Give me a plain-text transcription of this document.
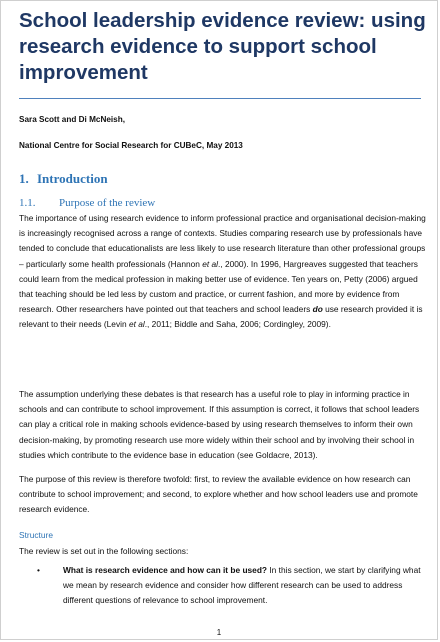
School leadership evidence review: using research evidence to support school improvement
Sara Scott and Di McNeish,
National Centre for Social Research for CUBeC, May 2013
1. Introduction
1.1. Purpose of the review

The importance of using research evidence to inform professional practice and organisational decision-making is increasingly recognised across a range of contexts. Studies comparing research use by professionals have tended to conclude that educationalists are less likely to use research literature than other professional groups – particularly some health professionals (Hannon et al., 2000). In 1996, Hargreaves suggested that teachers could learn from the medical profession in making better use of evidence. Ten years on, Petty (2006) argued that teaching should be led less by custom and practice, or current fashion, and more by evidence from research. Other researchers have pointed out that teachers and school leaders do use research provided it is relevant to their needs (Levin et al., 2011; Biddle and Saha, 2006; Cordingley, 2009).

The assumption underlying these debates is that research has a useful role to play in informing practice in schools and can contribute to school improvement. If this assumption is correct, it follows that school leaders can play a critical role in making schools evidence-based by using research themselves to inform their own decision-making, by promoting research use more widely within their school and by involving their school in studies which contribute to the evidence base in education (see Goldacre, 2013).

The purpose of this review is therefore twofold: first, to review the available evidence on how research can contribute to school improvement; and second, to explore whether and how school leaders use and promote research evidence.

Structure

The review is set out in the following sections:

•	What is research evidence and how can it be used? In this section, we start by clarifying what we mean by research evidence and consider how different research can be used to address different questions of relevance to school improvement.
1
